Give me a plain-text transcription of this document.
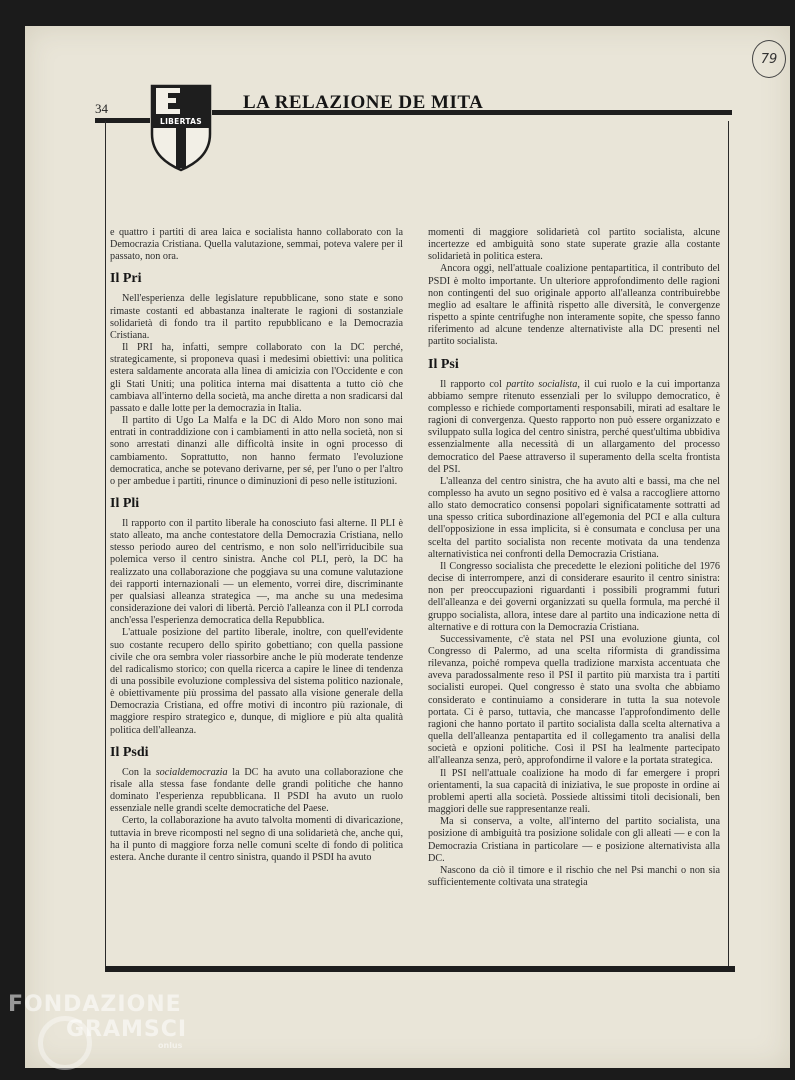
79
34
LIBERTAS
LA RELAZIONE DE MITA

e quattro i partiti di area laica e socialista hanno collaborato con la Democrazia Cristiana. Quella valutazione, semmai, poteva valere per il passato, non ora.

Il Pri

Nell'esperienza delle legislature repubblicane, sono state e sono rimaste costanti ed abbastanza inalterate le ragioni di sostanziale solidarietà di fondo tra il partito repubblicano e la Democrazia Cristiana.

Il PRI ha, infatti, sempre collaborato con la DC perché, strategicamente, si proponeva quasi i medesimi obiettivi: una politica estera saldamente ancorata alla linea di amicizia con l'Occidente e con gli Stati Uniti; una politica interna mai disattenta a tutto ciò che cambiava all'interno della società, ma anche diretta a non sradicarsi dal passato e dalle lotte per la democrazia in Italia.

Il partito di Ugo La Malfa e la DC di Aldo Moro non sono mai entrati in contraddizione con i cambiamenti in atto nella società, non si sono arrestati dinanzi alle difficoltà insite in ogni processo di cambiamento. Soprattutto, non hanno fermato l'evoluzione democratica, anche se potevano derivarne, per sé, per l'uno o per l'altro o per ambedue i partiti, rinunce o diminuzioni di peso nelle istituzioni.

Il Pli

Il rapporto con il partito liberale ha conosciuto fasi alterne. Il PLI è stato alleato, ma anche contestatore della Democrazia Cristiana, nello stesso periodo aureo del centrismo, e non solo nell'irriducibile sua polemica verso il centro sinistra. Anche col PLI, però, la DC ha realizzato una collaborazione che poggiava su una comune valutazione dei rapporti internazionali — un elemento, vorrei dire, discriminante per qualsiasi alleanza strategica —, ma anche su una medesima considerazione dei valori di libertà. Perciò l'alleanza con il PLI corroda anch'essa l'esperienza democratica della Repubblica.

L'attuale posizione del partito liberale, inoltre, con quell'evidente suo costante recupero dello spirito gobettiano; con quella passione civile che ora sembra voler riassorbire anche le più moderate tendenze del radicalismo storico; con quella ricerca a capire le linee di tendenza di una possibile evoluzione complessiva del sistema politico nazionale, è obiettivamente più prossima del passato alla visione generale della Democrazia Cristiana, ed offre motivi di incontro più razionale, di maggiore respiro strategico e, dunque, di migliore e più alta qualità politica dell'alleanza.

Il Psdi

Con la socialdemocrazia la DC ha avuto una collaborazione che risale alla stessa fase fondante delle grandi politiche che hanno dominato l'esperienza repubblicana. Il PSDI ha avuto un ruolo essenziale nelle grandi scelte democratiche del Paese.

Certo, la collaborazione ha avuto talvolta momenti di divaricazione, tuttavia in breve ricomposti nel segno di una solidarietà che, anche qui, ha il punto di maggiore forza nelle comuni scelte di fondo di politica estera. Anche durante il centro sinistra, quando il PSDI ha avuto

momenti di maggiore solidarietà col partito socialista, alcune incertezze ed ambiguità sono state superate grazie alla costante solidarietà in politica estera.

Ancora oggi, nell'attuale coalizione pentapartitica, il contributo del PSDI è molto importante. Un ulteriore approfondimento delle ragioni non contingenti del suo originale apporto all'alleanza contribuirebbe meglio ad esaltare le affinità rispetto alle diversità, le convergenze rispetto a spinte centrifughe non interamente sopite, che spesso fanno riferimento ad alcune tendenze alternativiste alla DC presenti nel partito socialista.

Il Psi

Il rapporto col partito socialista, il cui ruolo e la cui importanza abbiamo sempre ritenuto essenziali per lo sviluppo democratico, è complesso e richiede comportamenti responsabili, mirati ad esaltare le ragioni di convergenza. Questo rapporto non può essere organizzato e sviluppato sulla logica del centro sinistra, perché quest'ultima ubbidiva essenzialmente alla necessità di un allargamento del processo democratico del Paese attraverso il superamento della scelta frontista del PSI.

L'alleanza del centro sinistra, che ha avuto alti e bassi, ma che nel complesso ha avuto un segno positivo ed è valsa a raccogliere attorno allo stato democratico consensi popolari significatamente sottratti ad una spesso critica subordinazione all'egemonia del PCI e alla cultura dell'opposizione in essa implicita, si è consumata e conclusa per una scelta del partito socialista non recente motivata da una tendenza alternativistica nei confronti della Democrazia Cristiana.

Il Congresso socialista che precedette le elezioni politiche del 1976 decise di interrompere, anzi di considerare esaurito il centro sinistra: non per preoccupazioni riguardanti i possibili programmi futuri dell'alleanza e dei governi organizzati su quella formula, ma perché il gruppo socialista, allora, intese dare al partito una indicazione netta di alternative e di rottura con la Democrazia Cristiana.

Successivamente, c'è stata nel PSI una evoluzione giunta, col Congresso di Palermo, ad una scelta riformista di grandissima rilevanza, poiché rompeva quella tradizione marxista accentuata che aveva paradossalmente reso il PSI il partito più marxista tra i partiti socialisti europei. Quel congresso è stato una svolta che abbiamo considerato e continuiamo a considerare in tutta la sua notevole portata. Ci è parso, tuttavia, che mancasse l'approfondimento delle ragioni che hanno portato il partito socialista dalla scelta alternativa a quella dell'alleanza pentapartita ed il collegamento tra analisi della società e opzioni politiche. Così il PSI ha lealmente partecipato all'alleanza senza, però, approfondirne il valore e la portata strategica.

Il PSI nell'attuale coalizione ha modo di far emergere i propri orientamenti, la sua capacità di iniziativa, le sue proposte in ordine ai problemi aperti alla società. Possiede altissimi titoli decisionali, ben maggiori delle sue rappresentanze reali.

Ma si conserva, a volte, all'interno del partito socialista, una posizione di ambiguità tra posizione solidale con gli alleati — e con la Democrazia Cristiana in particolare — e posizione alternativista alla DC.

Nascono da ciò il timore e il rischio che nel Psi manchi o non sia sufficientemente coltivata una strategia

FONDAZIONE
GRAMSCI
onlus
